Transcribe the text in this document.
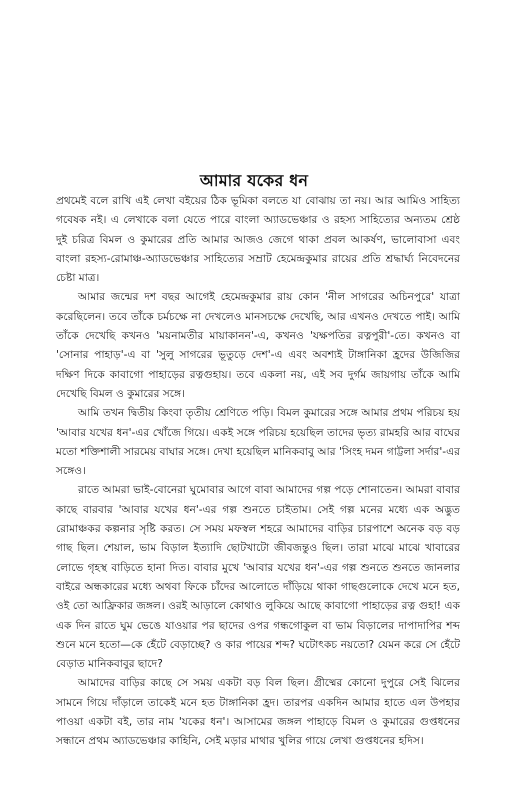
আমার যকের ধন

প্রথমেই বলে রাখি এই লেখা বইয়ের ঠিক ভূমিকা বলতে যা বোঝায় তা নয়। আর আমিও সাহিত্য গবেষক নই। এ লেখাকে বলা যেতে পারে বাংলা অ্যাডভেঞ্চার ও রহস্য সাহিত্যের অন্যতম শ্রেষ্ঠ দুই চরিত্র বিমল ও কুমারের প্রতি আমার আজও জেগে থাকা প্রবল আকর্ষণ, ভালোবাসা এবং বাংলা রহস্য-রোমাঞ্চ-অ্যাডভেঞ্চার সাহিত্যের সম্রাট হেমেন্দ্রকুমার রায়ের প্রতি শ্রদ্ধার্ঘ্য নিবেদনের চেষ্টা মাত্র।

আমার জন্মের দশ বছর আগেই হেমেন্দ্রকুমার রায় কোন 'নীল সাগরের অচিনপুরে' যাত্রা করেছিলেন। তবে তাঁকে চর্মচক্ষে না দেখলেও মানসচক্ষে দেখেছি, আর এখনও দেখতে পাই। আমি তাঁকে দেখেছি কখনও 'ময়নামতীর মায়াকানন'-এ, কখনও 'যক্ষপতির রত্নপুরী'-তে। কখনও বা 'সোনার পাহাড়'-এ বা 'সুলু সাগরের ভূতুড়ে দেশ'-এ এবং অবশ্যই টাঙ্গানিকা হ্রদের উজিজির দক্ষিণ দিকে কাবাগো পাহাড়ের রত্নগুহায়। তবে একলা নয়, এই সব দুর্গম জায়গায় তাঁকে আমি দেখেছি বিমল ও কুমারের সঙ্গে।

আমি তখন দ্বিতীয় কিংবা তৃতীয় শ্রেণিতে পড়ি। বিমল কুমারের সঙ্গে আমার প্রথম পরিচয় হয় 'আবার যখের ধন'-এর খোঁজে গিয়ে। একই সঙ্গে পরিচয় হয়েছিল তাদের ভৃত্য রামহরি আর বাঘের মতো শক্তিশালী সারমেয় বাঘার সঙ্গে। দেখা হয়েছিল মানিকবাবু আর 'সিংহ দমন গাট্টলা সর্দার'-এর সঙ্গেও।

রাতে আমরা ভাই-বোনেরা ঘুমোবার আগে বাবা আমাদের গল্প পড়ে শোনাতেন। আমরা বাবার কাছে বারবার 'আবার যখের ধন'-এর গল্প শুনতে চাইতাম। সেই গল্প মনের মধ্যে এক অদ্ভুত রোমাঞ্চকর কল্পনার সৃষ্টি করত। সে সময় মফস্বল শহরে আমাদের বাড়ির চারপাশে অনেক বড় বড় গাছ ছিল। শেয়াল, ভাম বিড়াল ইত্যাদি ছোটখাটো জীবজন্তুও ছিল। তারা মাঝে মাঝে খাবারের লোভে গৃহস্থ বাড়িতে হানা দিত। বাবার মুখে 'আবার যখের ধন'-এর গল্প শুনতে শুনতে জানলার বাইরে অন্ধকারের মধ্যে অথবা ফিকে চাঁদের আলোতে দাঁড়িয়ে থাকা গাছগুলোকে দেখে মনে হত, ওই তো আফ্রিকার জঙ্গল। ওরই আড়ালে কোথাও লুকিয়ে আছে কাবাগো পাহাড়ের রত্ন গুহা! এক এক দিন রাতে ঘুম ভেঙে যাওয়ার পর ছাদের ওপর গন্ধগোকুল বা ভাম বিড়ালের দাপাদাপির শব্দ শুনে মনে হতো—কে হেঁটে বেড়াচ্ছে? ও কার পায়ের শব্দ? ঘটোৎকচ নয়তো? যেমন করে সে হেঁটে বেড়াত মানিকবাবুর ছাদে?

আমাদের বাড়ির কাছে সে সময় একটা বড় বিল ছিল। গ্রীষ্মের কোনো দুপুরে সেই ঝিলের সামনে গিয়ে দাঁড়ালে তাকেই মনে হত টাঙ্গানিকা হ্রদ। তারপর একদিন আমার হাতে এল উপহার পাওয়া একটা বই, তার নাম 'যকের ধন'। আসামের জঙ্গল পাহাড়ে বিমল ও কুমারের গুপ্তধনের সন্ধানে প্রথম অ্যাডভেঞ্চার কাহিনি, সেই মড়ার মাথার খুলির গায়ে লেখা গুপ্তধনের হদিস।
